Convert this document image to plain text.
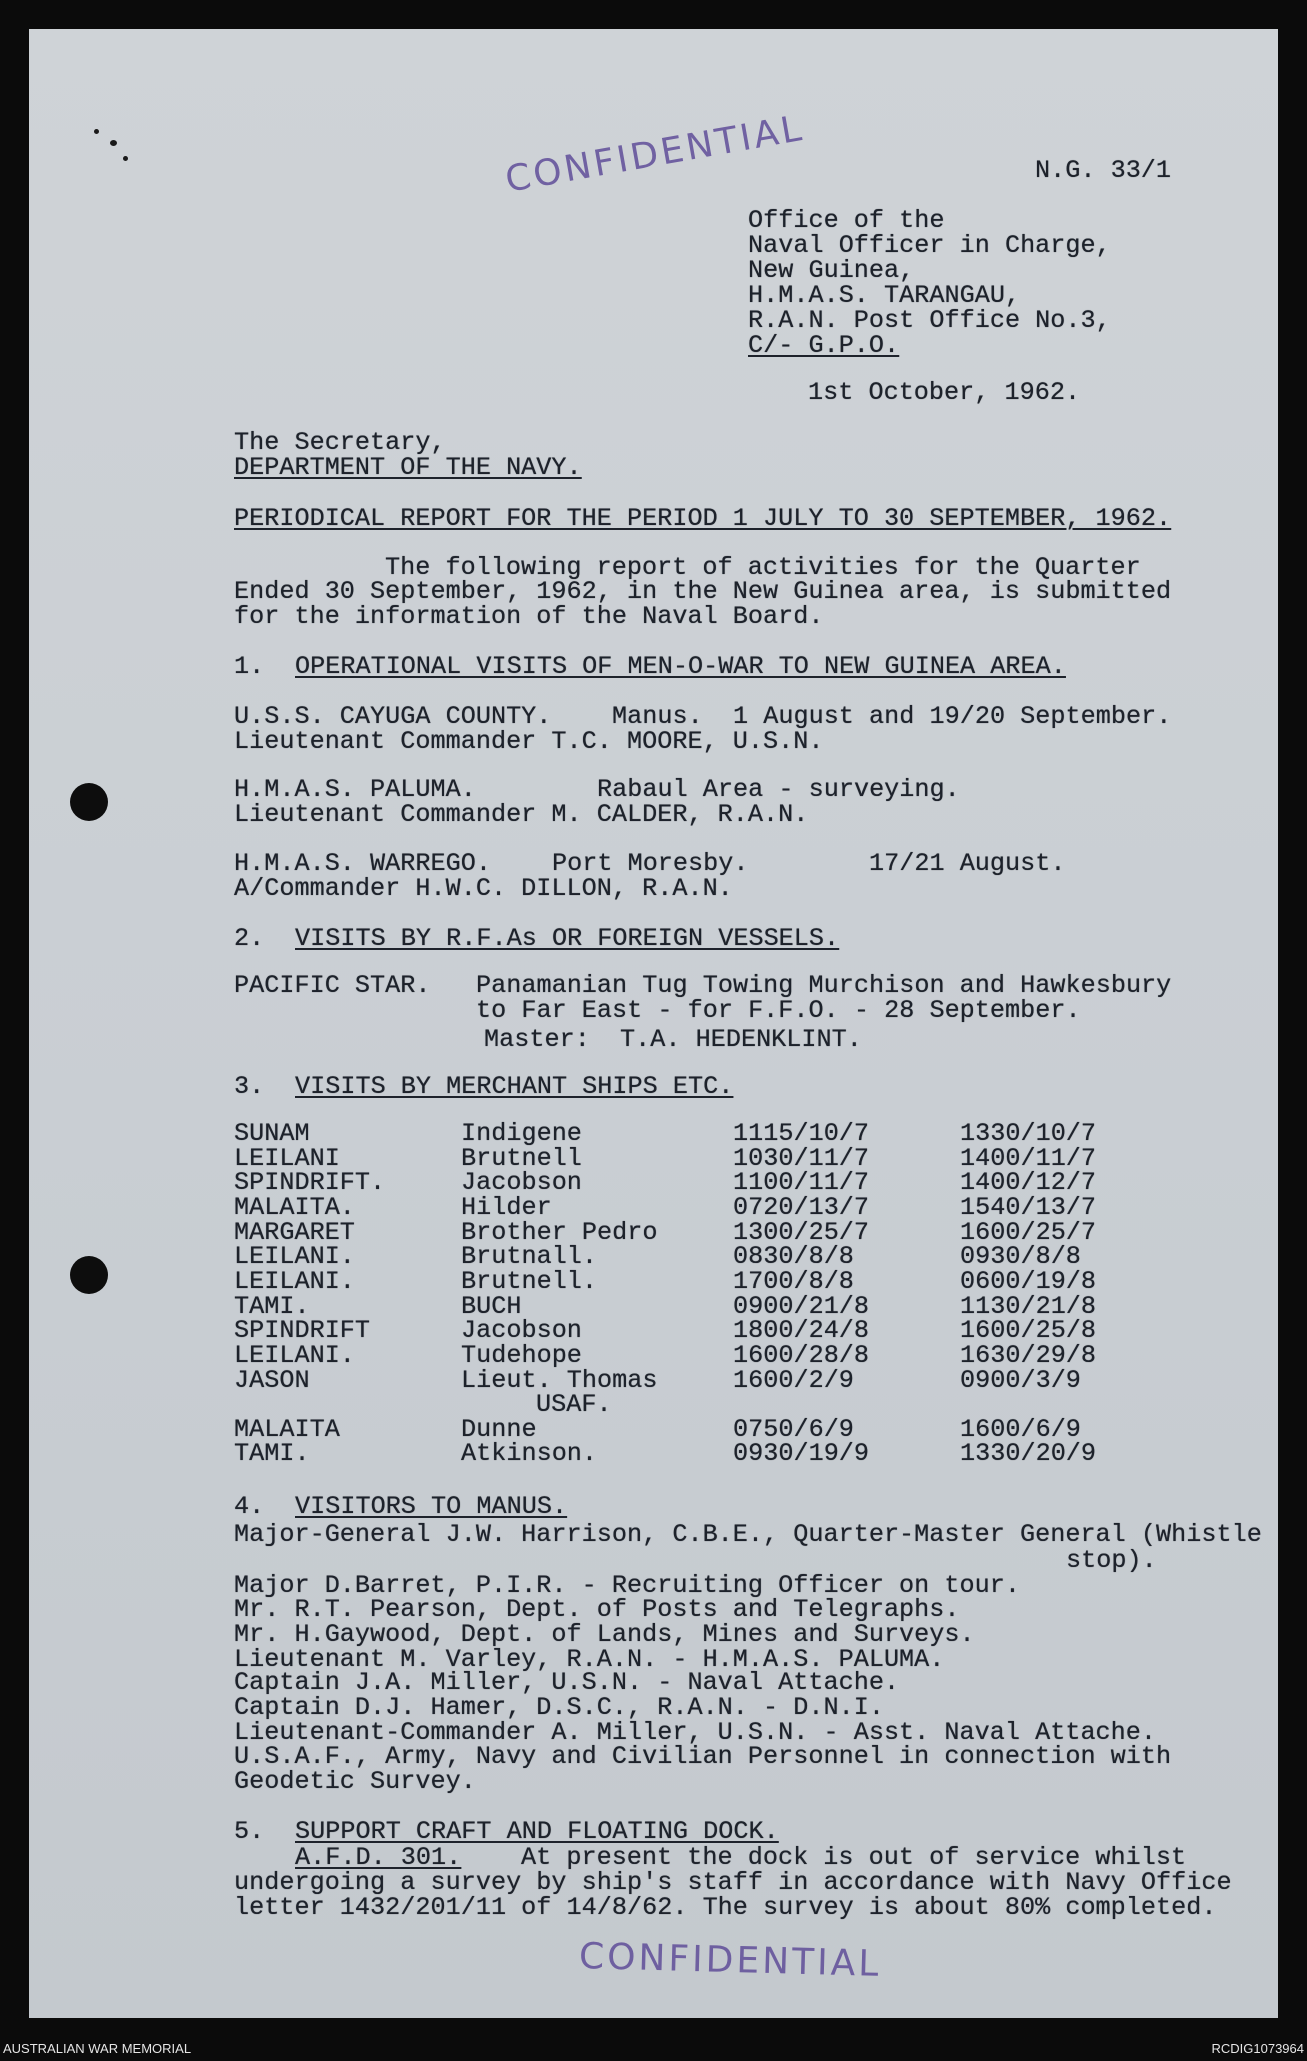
CONFIDENTIAL
CONFIDENTIAL
N.G. 33/1
Office of the
Naval Officer in Charge,
New Guinea,
H.M.A.S. TARANGAU,
R.A.N. Post Office No.3,
C/- G.P.O.
1st October, 1962.
The Secretary,
DEPARTMENT OF THE NAVY.
PERIODICAL REPORT FOR THE PERIOD 1 JULY TO 30 SEPTEMBER, 1962.
The following report of activities for the Quarter
Ended 30 September, 1962, in the New Guinea area, is submitted
for the information of the Naval Board.
1. OPERATIONAL VISITS OF MEN-O-WAR TO NEW GUINEA AREA.
U.S.S. CAYUGA COUNTY. Manus. 1 August and 19/20 September.
Lieutenant Commander T.C. MOORE, U.S.N.
H.M.A.S. PALUMA.	Rabaul Area - surveying.
Lieutenant Commander M. CALDER, R.A.N.
H.M.A.S. WARREGO. Port Moresby.	17/21 August.
A/Commander H.W.C. DILLON, R.A.N.
2. VISITS BY R.F.As OR FOREIGN VESSELS.
PACIFIC STAR. Panamanian Tug Towing Murchison and Hawkesbury
to Far East - for F.F.O. - 28 September.
Master:  T.A. HEDENKLINT.
3. VISITS BY MERCHANT SHIPS ETC.
SUNAM	Indigene	1115/10/7	1330/10/7
LEILANI	Brutnell	1030/11/7	1400/11/7
SPINDRIFT.	Jacobson	1100/11/7	1400/12/7
MALAITA.	Hilder	0720/13/7	1540/13/7
MARGARET	Brother Pedro	1300/25/7	1600/25/7
LEILANI.	Brutnall.	0830/8/8	0930/8/8
LEILANI.	Brutnell.	1700/8/8	0600/19/8
TAMI.	BUCH	0900/21/8	1130/21/8
SPINDRIFT	Jacobson	1800/24/8	1600/25/8
LEILANI.	Tudehope	1600/28/8	1630/29/8
JASON	Lieut. Thomas	1600/2/9	0900/3/9
USAF.
MALAITA	Dunne	0750/6/9	1600/6/9
TAMI.	Atkinson.	0930/19/9	1330/20/9
4. VISITORS TO MANUS.
Major-General J.W. Harrison, C.B.E., Quarter-Master General (Whistle
stop).
Major D.Barret, P.I.R. - Recruiting Officer on tour.
Mr. R.T. Pearson, Dept. of Posts and Telegraphs.
Mr. H.Gaywood, Dept. of Lands, Mines and Surveys.
Lieutenant M. Varley, R.A.N. - H.M.A.S. PALUMA.
Captain J.A. Miller, U.S.N. - Naval Attache.
Captain D.J. Hamer, D.S.C., R.A.N. - D.N.I.
Lieutenant-Commander A. Miller, U.S.N. - Asst. Naval Attache.
U.S.A.F., Army, Navy and Civilian Personnel in connection with
Geodetic Survey.
5. SUPPORT CRAFT AND FLOATING DOCK.
A.F.D. 301. At present the dock is out of service whilst
undergoing a survey by ship's staff in accordance with Navy Office
letter 1432/201/11 of 14/8/62. The survey is about 80% completed.
AUSTRALIAN WAR MEMORIAL	RCDIG1073964
